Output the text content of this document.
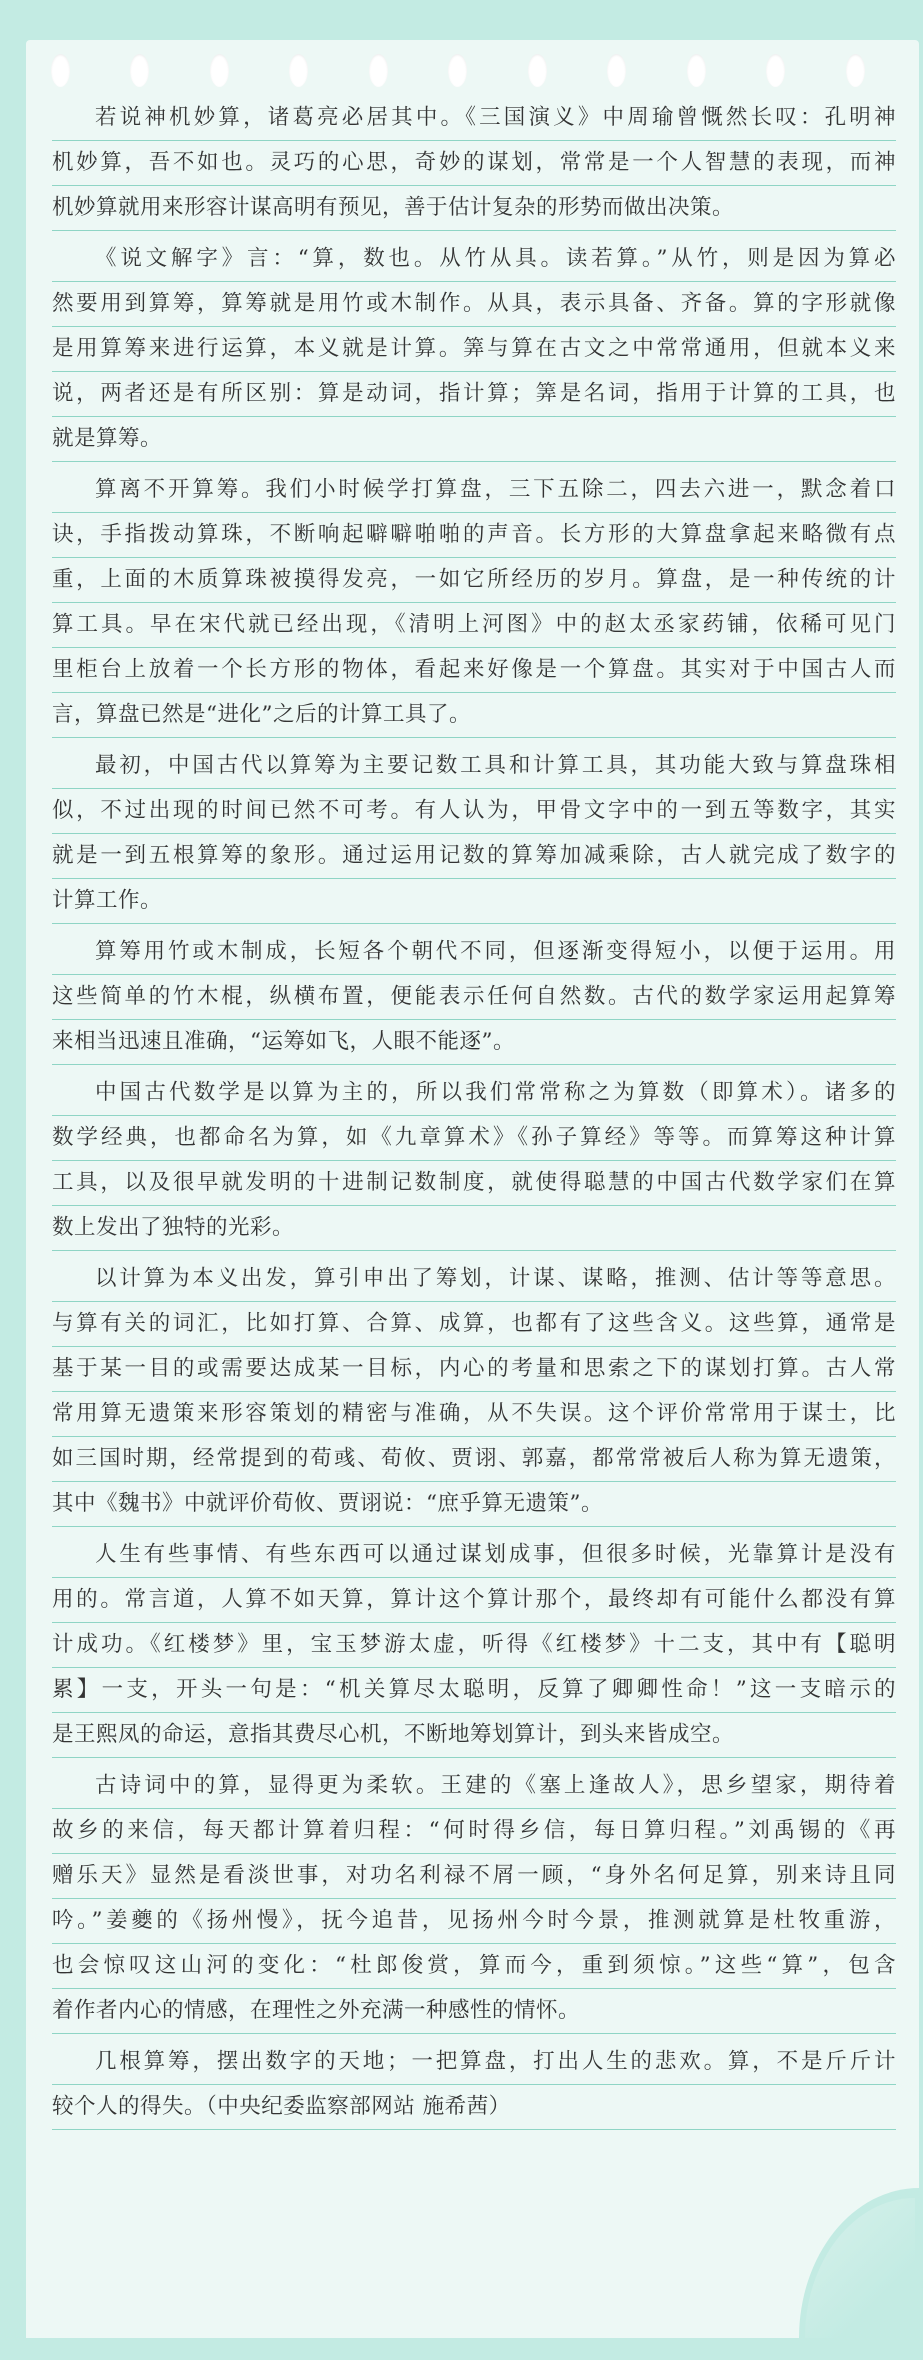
若说神机妙算，诸葛亮必居其中。《三国演义》中周瑜曾慨然长叹：孔明神
机妙算，吾不如也。灵巧的心思，奇妙的谋划，常常是一个人智慧的表现，而神
机妙算就用来形容计谋高明有预见，善于估计复杂的形势而做出决策。
《说文解字》言：“算，数也。从竹从具。读若算。”从竹，则是因为算必
然要用到算筹，算筹就是用竹或木制作。从具，表示具备、齐备。算的字形就像
是用算筹来进行运算，本义就是计算。筭与算在古文之中常常通用，但就本义来
说，两者还是有所区别：算是动词，指计算；筭是名词，指用于计算的工具，也
就是算筹。
算离不开算筹。我们小时候学打算盘，三下五除二，四去六进一，默念着口
诀，手指拨动算珠，不断响起噼噼啪啪的声音。长方形的大算盘拿起来略微有点
重，上面的木质算珠被摸得发亮，一如它所经历的岁月。算盘，是一种传统的计
算工具。早在宋代就已经出现，《清明上河图》中的赵太丞家药铺，依稀可见门
里柜台上放着一个长方形的物体，看起来好像是一个算盘。其实对于中国古人而
言，算盘已然是“进化”之后的计算工具了。
最初，中国古代以算筹为主要记数工具和计算工具，其功能大致与算盘珠相
似，不过出现的时间已然不可考。有人认为，甲骨文字中的一到五等数字，其实
就是一到五根算筹的象形。通过运用记数的算筹加减乘除，古人就完成了数字的
计算工作。
算筹用竹或木制成，长短各个朝代不同，但逐渐变得短小，以便于运用。用
这些简单的竹木棍，纵横布置，便能表示任何自然数。古代的数学家运用起算筹
来相当迅速且准确，“运筹如飞，人眼不能逐”。
中国古代数学是以算为主的，所以我们常常称之为算数（即算术）。诸多的
数学经典，也都命名为算，如《九章算术》《孙子算经》等等。而算筹这种计算
工具，以及很早就发明的十进制记数制度，就使得聪慧的中国古代数学家们在算
数上发出了独特的光彩。
以计算为本义出发，算引申出了筹划，计谋、谋略，推测、估计等等意思。
与算有关的词汇，比如打算、合算、成算，也都有了这些含义。这些算，通常是
基于某一目的或需要达成某一目标，内心的考量和思索之下的谋划打算。古人常
常用算无遗策来形容策划的精密与准确，从不失误。这个评价常常用于谋士，比
如三国时期，经常提到的荀彧、荀攸、贾诩、郭嘉，都常常被后人称为算无遗策，
其中《魏书》中就评价荀攸、贾诩说：“庶乎算无遗策”。
人生有些事情、有些东西可以通过谋划成事，但很多时候，光靠算计是没有
用的。常言道，人算不如天算，算计这个算计那个，最终却有可能什么都没有算
计成功。《红楼梦》里，宝玉梦游太虚，听得《红楼梦》十二支，其中有【聪明
累】一支，开头一句是：“机关算尽太聪明，反算了卿卿性命！”这一支暗示的
是王熙凤的命运，意指其费尽心机，不断地筹划算计，到头来皆成空。
古诗词中的算，显得更为柔软。王建的《塞上逢故人》，思乡望家，期待着
故乡的来信，每天都计算着归程：“何时得乡信，每日算归程。”刘禹锡的《再
赠乐天》显然是看淡世事，对功名利禄不屑一顾，“身外名何足算，别来诗且同
吟。”姜夔的《扬州慢》，抚今追昔，见扬州今时今景，推测就算是杜牧重游，
也会惊叹这山河的变化：“杜郎俊赏，算而今，重到须惊。”这些“算”，包含
着作者内心的情感，在理性之外充满一种感性的情怀。
几根算筹，摆出数字的天地；一把算盘，打出人生的悲欢。算，不是斤斤计
较个人的得失。（中央纪委监察部网站 施希茜）
